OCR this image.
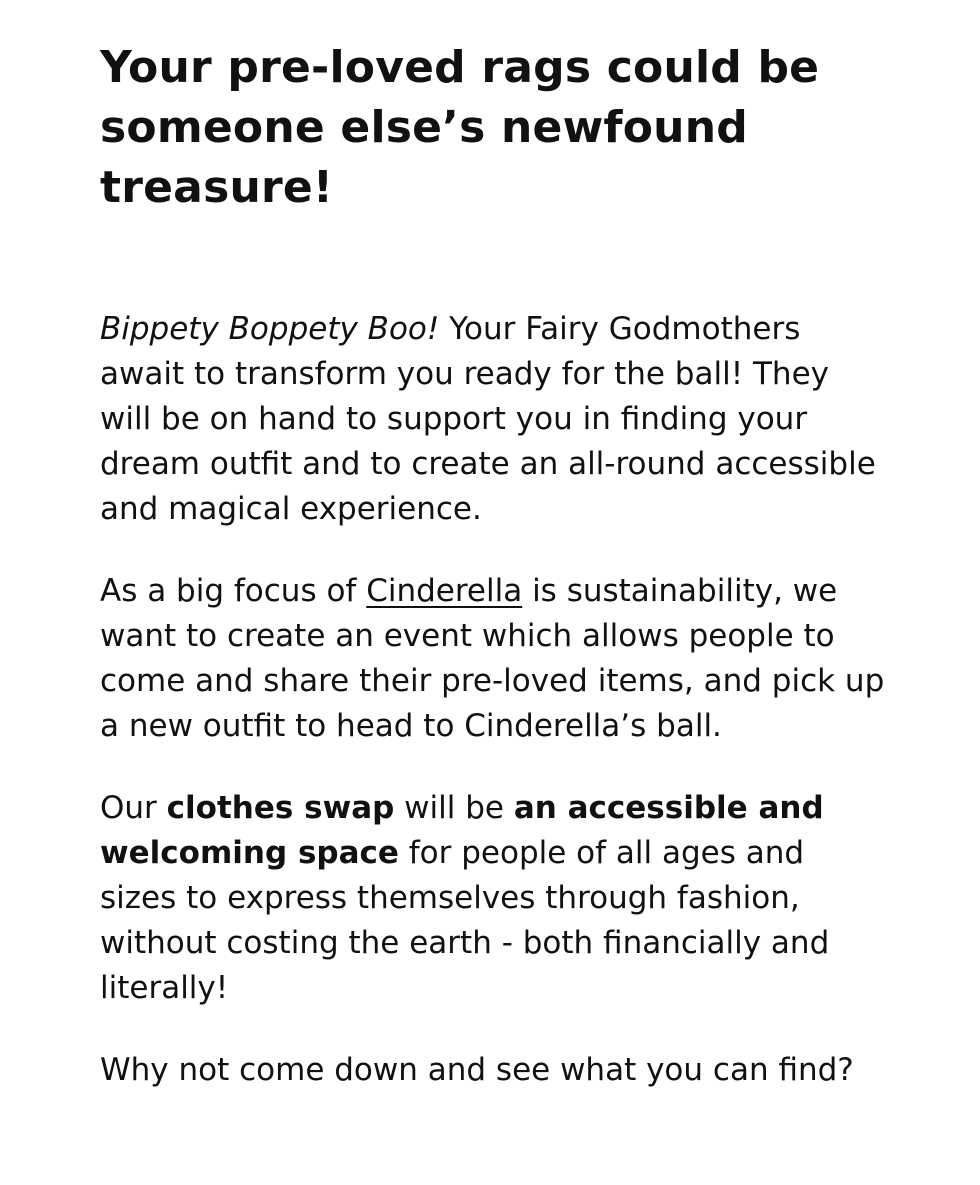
Your pre-loved rags could be
someone else’s newfound
treasure!

Bippety Boppety Boo! Your Fairy Godmothers await to transform you ready for the ball! They will be on hand to support you in finding your dream outfit and to create an all-round accessible and magical experience.

As a big focus of Cinderella is sustainability, we want to create an event which allows people to come and share their pre-loved items, and pick up a new outfit to head to Cinderella’s ball.

Our clothes swap will be an accessible and welcoming space for people of all ages and sizes to express themselves through fashion, without costing the earth - both financially and literally!

Why not come down and see what you can find?
